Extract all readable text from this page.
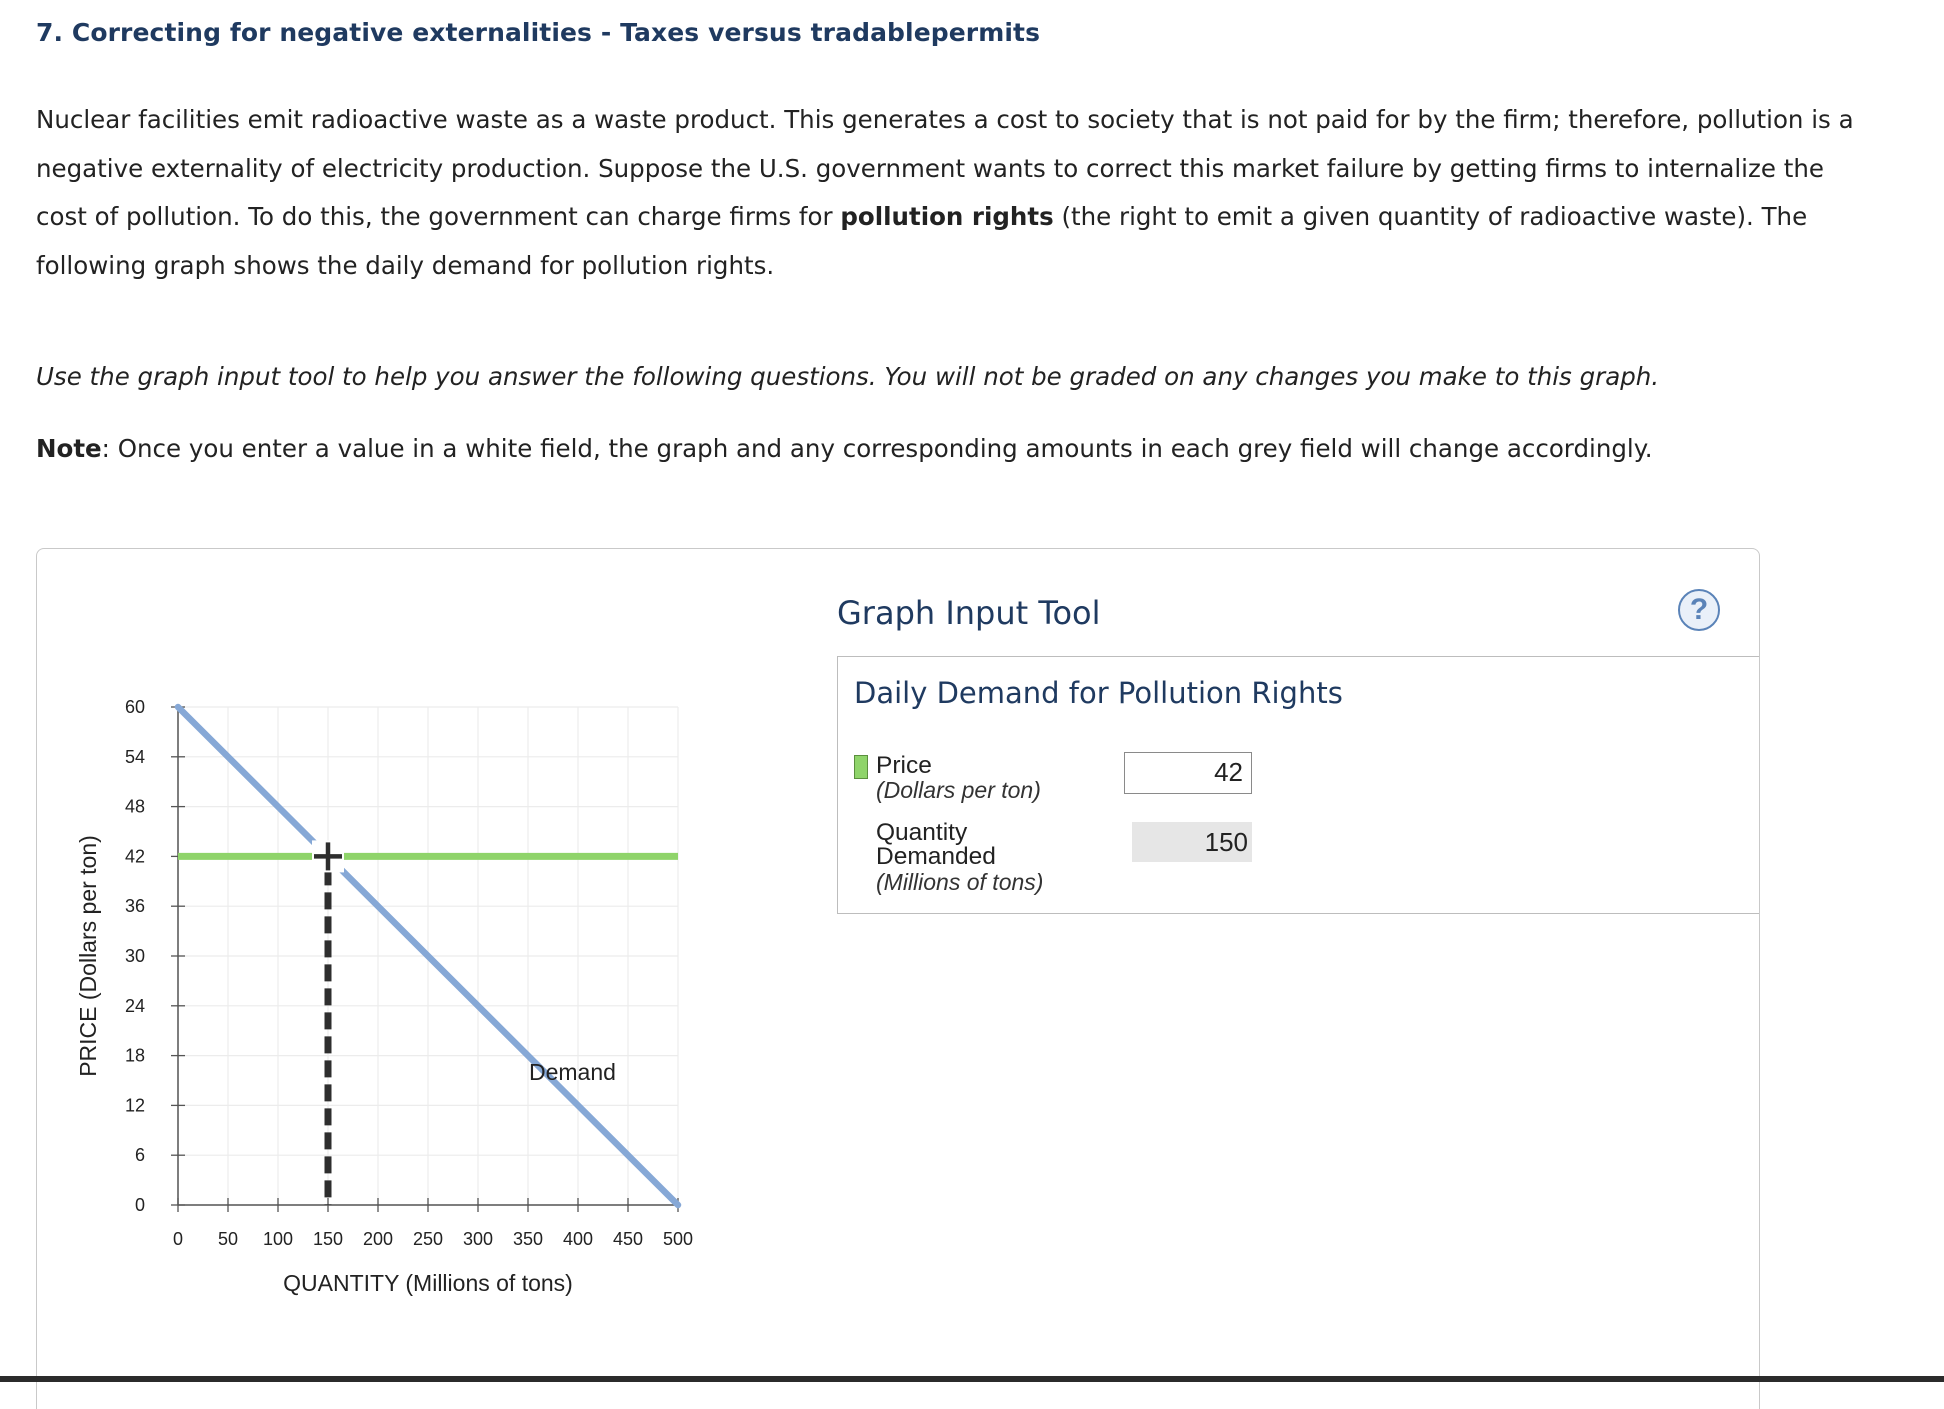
7. Correcting for negative externalities - Taxes versus tradablepermits
Nuclear facilities emit radioactive waste as a waste product. This generates a cost to society that is not paid for by the firm; therefore, pollution is a negative externality of electricity production. Suppose the U.S. government wants to correct this market failure by getting firms to internalize the cost of pollution. To do this, the government can charge firms for pollution rights (the right to emit a given quantity of radioactive waste). The following graph shows the daily demand for pollution rights.
Use the graph input tool to help you answer the following questions. You will not be graded on any changes you make to this graph.
Note: Once you enter a value in a white field, the graph and any corresponding amounts in each grey field will change accordingly.
0 50 100 150 200 250 300 350 400 450 500
0
6
12
18
24
30
36
42
48
54
60
PRICE (Dollars per ton)
QUANTITY (Millions of tons)
Demand
Graph Input Tool	?
Daily Demand for Pollution Rights
Price
(Dollars per ton)
42
Quantity
Demanded
(Millions of tons)
150
